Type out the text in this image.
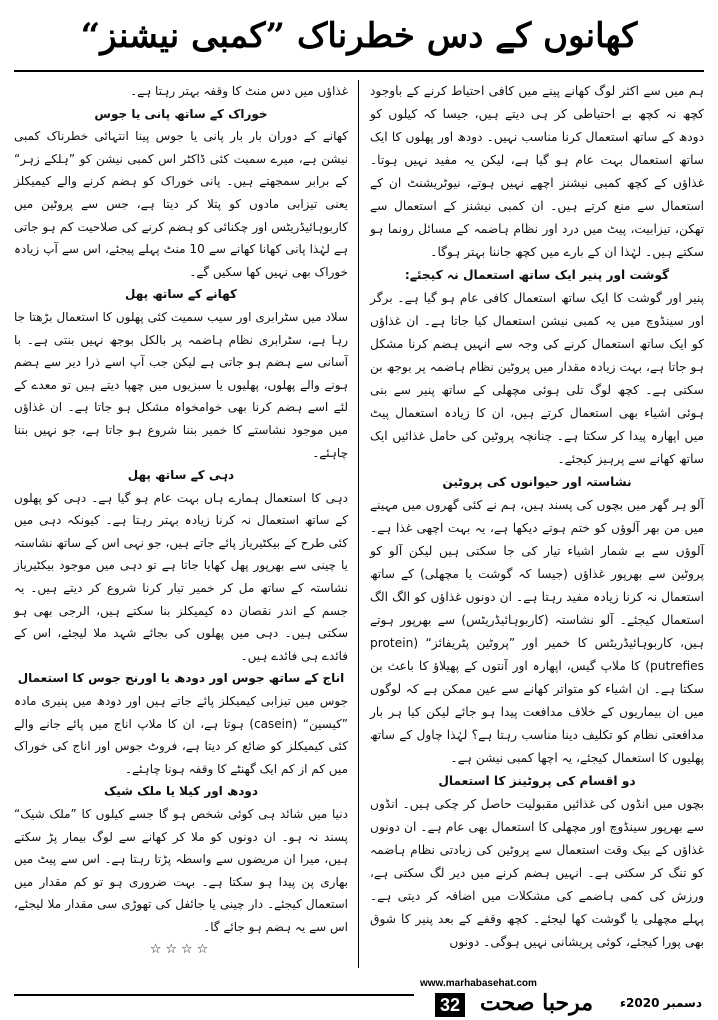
کھانوں کے دس خطرناک ”کمبی نیشنز“

ہم میں سے اکثر لوگ کھانے پینے میں کافی احتیاط کرنے کے باوجود کچھ نہ کچھ بے احتیاطی کر ہی دیتے ہیں، جیسا کہ کیلوں کو دودھ کے ساتھ استعمال کرنا مناسب نہیں۔ دودھ اور پھلوں کا ایک ساتھ استعمال بہت عام ہو گیا ہے، لیکن یہ مفید نہیں ہوتا۔ غذاؤں کے کچھ کمبی نیشنز اچھے نہیں ہوتے، نیوٹریشنٹ ان کے استعمال سے منع کرتے ہیں۔ ان کمبی نیشنز کے استعمال سے تھکن، تیزابیت، پیٹ میں درد اور نظام ہاضمہ کے مسائل رونما ہو سکتے ہیں۔ لہٰذا ان کے بارے میں کچھ جاننا بہتر ہوگا۔

گوشت اور پنیر ایک ساتھ استعمال نہ کیجئے:

پنیر اور گوشت کا ایک ساتھ استعمال کافی عام ہو گیا ہے۔ برگر اور سینڈوچ میں یہ کمبی نیشن استعمال کیا جاتا ہے۔ ان غذاؤں کو ایک ساتھ استعمال کرنے کی وجہ سے انہیں ہضم کرنا مشکل ہو جاتا ہے، بہت زیادہ مقدار میں پروٹین نظام ہاضمہ پر بوجھ بن سکتی ہے۔ کچھ لوگ تلی ہوئی مچھلی کے ساتھ پنیر سے بنی ہوئی اشیاء بھی استعمال کرتے ہیں، ان کا زیادہ استعمال پیٹ میں اپھارہ پیدا کر سکتا ہے۔ چنانچہ پروٹین کی حامل غذائیں ایک ساتھ کھانے سے پرہیز کیجئے۔

نشاستہ اور حیوانوں کی پروٹین

آلو ہر گھر میں بچوں کی پسند ہیں، ہم نے کئی گھروں میں مہینے میں من بھر آلوؤں کو ختم ہوتے دیکھا ہے، یہ بہت اچھی غذا ہے۔ آلوؤں سے بے شمار اشیاء تیار کی جا سکتی ہیں لیکن آلو کو پروٹین سے بھرپور غذاؤں (جیسا کہ گوشت یا مچھلی) کے ساتھ استعمال نہ کرنا زیادہ مفید رہتا ہے۔ ان دونوں غذاؤں کو الگ الگ استعمال کیجئے۔ آلو نشاستہ (کاربوہائیڈریٹس) سے بھرپور ہوتے ہیں، کاربوہائیڈریٹس کا خمیر اور ”پروٹین پٹریفائز“ (protein putrefies) کا ملاپ گیس، اپھارہ اور آنتوں کے پھیلاؤ کا باعث بن سکتا ہے۔ ان اشیاء کو متواتر کھانے سے عین ممکن ہے کہ لوگوں میں ان بیماریوں کے خلاف مدافعت پیدا ہو جائے لیکن کیا ہر بار مدافعتی نظام کو تکلیف دینا مناسب رہتا ہے؟ لہٰذا چاول کے ساتھ پھلیوں کا استعمال کیجئے، یہ اچھا کمبی نیشن ہے۔

دو اقسام کی پروٹینز کا استعمال

بچوں میں انڈوں کی غذائیں مقبولیت حاصل کر چکی ہیں۔ انڈوں سے بھرپور سینڈوچ اور مچھلی کا استعمال بھی عام ہے۔ ان دونوں غذاؤں کے بیک وقت استعمال سے پروٹین کی زیادتی نظام ہاضمہ کو تنگ کر سکتی ہے۔ انہیں ہضم کرنے میں دیر لگ سکتی ہے، ورزش کی کمی ہاضمے کی مشکلات میں اضافہ کر دیتی ہے۔ پہلے مچھلی یا گوشت کھا لیجئے۔ کچھ وقفے کے بعد پنیر کا شوق بھی پورا کیجئے، کوئی پریشانی نہیں ہوگی۔ دونوں

غذاؤں میں دس منٹ کا وقفہ بہتر رہتا ہے۔

خوراک کے ساتھ پانی یا جوس

کھانے کے دوران بار بار پانی یا جوس پینا انتہائی خطرناک کمبی نیشن ہے، میرے سمیت کئی ڈاکٹر اس کمبی نیشن کو ”ہلکے زہر“ کے برابر سمجھتے ہیں۔ پانی خوراک کو ہضم کرنے والے کیمیکلز یعنی تیزابی مادوں کو پتلا کر دیتا ہے، جس سے پروٹین میں کاربوہائیڈریٹس اور چکنائی کو ہضم کرنے کی صلاحیت کم ہو جاتی ہے لہٰذا پانی کھانا کھانے سے 10 منٹ پہلے پیجئے، اس سے آپ زیادہ خوراک بھی نہیں کھا سکیں گے۔

کھانے کے ساتھ پھل

سلاد میں سٹرابری اور سیب سمیت کئی پھلوں کا استعمال بڑھتا جا رہا ہے، سٹرابری نظام ہاضمہ پر بالکل بوجھ نہیں بنتی ہے۔ با آسانی سے ہضم ہو جاتی ہے لیکن جب آپ اسے ذرا دیر سے ہضم ہونے والے پھلوں، پھلیوں یا سبزیوں میں چھپا دیتے ہیں تو معدے کے لئے اسے ہضم کرنا بھی خوامخواہ مشکل ہو جاتا ہے۔ ان غذاؤں میں موجود نشاستے کا خمیر بننا شروع ہو جاتا ہے، جو نہیں بننا چاہئے۔

دہی کے ساتھ پھل

دہی کا استعمال ہمارے ہاں بہت عام ہو گیا ہے۔ دہی کو پھلوں کے ساتھ استعمال نہ کرنا زیادہ بہتر رہتا ہے۔ کیونکہ دہی میں کئی طرح کے بیکٹیریاز پائے جاتے ہیں، جو نہی اس کے ساتھ نشاستہ یا چینی سے بھرپور پھل کھایا جاتا ہے تو دہی میں موجود بیکٹیریاز نشاستہ کے ساتھ مل کر خمیر تیار کرنا شروع کر دیتے ہیں۔ یہ جسم کے اندر نقصان دہ کیمیکلز بنا سکتے ہیں، الرجی بھی ہو سکتی ہیں۔ دہی میں پھلوں کی بجائے شہد ملا لیجئے، اس کے فائدے ہی فائدے ہیں۔

اناج کے ساتھ جوس اور دودھ یا اورنج جوس کا استعمال

جوس میں تیزابی کیمیکلز پائے جاتے ہیں اور دودھ میں پنیری مادہ ”کیسین“ (casein) ہوتا ہے، ان کا ملاپ اناج میں پائے جانے والے کئی کیمیکلز کو ضائع کر دیتا ہے، فروٹ جوس اور اناج کی خوراک میں کم از کم ایک گھنٹے کا وقفہ ہونا چاہئے۔

دودھ اور کیلا یا ملک شیک

دنیا میں شائد ہی کوئی شخص ہو گا جسے کیلوں کا ”ملک شیک“ پسند نہ ہو۔ ان دونوں کو ملا کر کھانے سے لوگ بیمار پڑ سکتے ہیں، میرا ان مریضوں سے واسطہ پڑتا رہتا ہے۔ اس سے پیٹ میں بھاری پن پیدا ہو سکتا ہے۔ بہت ضروری ہو تو کم مقدار میں استعمال کیجئے۔ دار چینی یا جائفل کی تھوڑی سی مقدار ملا لیجئے، اس سے یہ ہضم ہو جائے گا۔

☆☆☆☆

www.marhabasehat.com
32 مرحبا صحت دسمبر 2020ء
